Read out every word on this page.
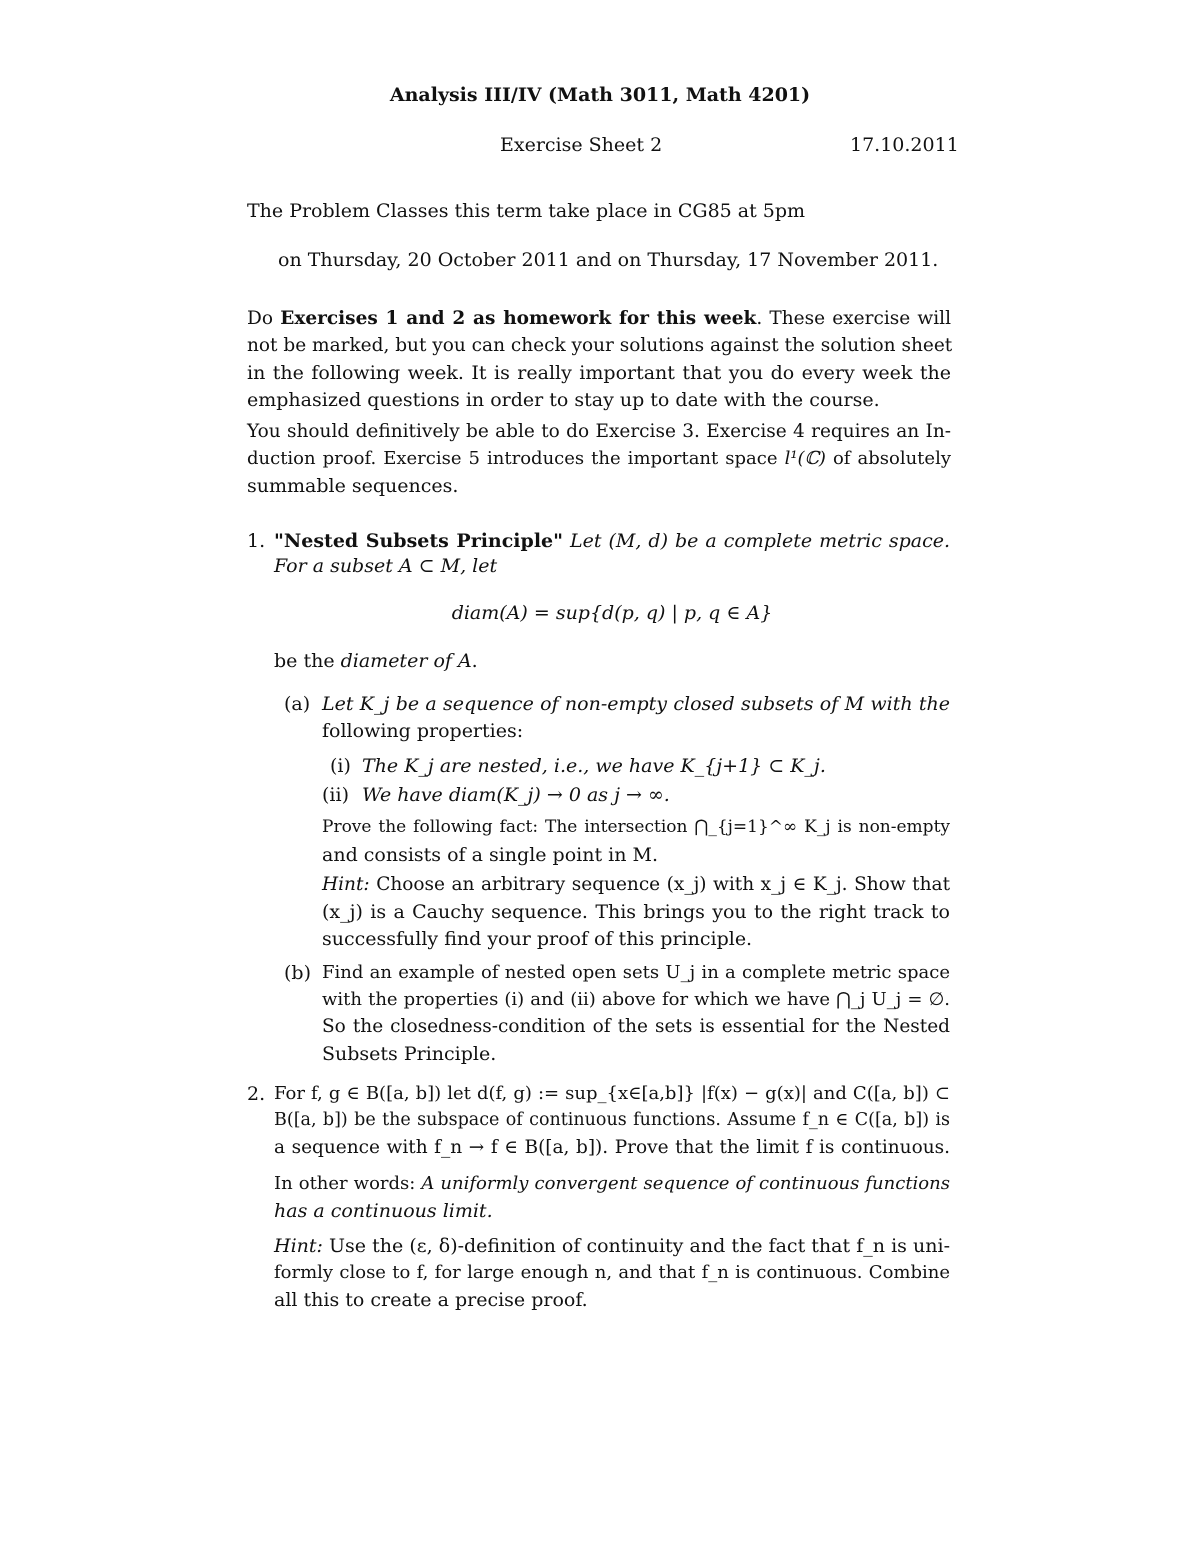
Analysis III/IV (Math 3011, Math 4201)
Exercise Sheet 2	17.10.2011
The Problem Classes this term take place in CG85 at 5pm
on Thursday, 20 October 2011 and on Thursday, 17 November 2011.
Do Exercises 1 and 2 as homework for this week. These exercise will
not be marked, but you can check your solutions against the solution sheet
in the following week. It is really important that you do every week the
emphasized questions in order to stay up to date with the course.
You should definitively be able to do Exercise 3. Exercise 4 requires an In-
duction proof. Exercise 5 introduces the important space l¹(ℂ) of absolutely
summable sequences.
1. "Nested Subsets Principle" Let (M, d) be a complete metric space.
For a subset A ⊂ M, let
diam(A) = sup{d(p, q) | p, q ∈ A}
be the diameter of A.
(a) Let K_j be a sequence of non-empty closed subsets of M with the
following properties:
(i) The K_j are nested, i.e., we have K_{j+1} ⊂ K_j.
(ii) We have diam(K_j) → 0 as j → ∞.
Prove the following fact: The intersection ⋂_{j=1}^∞ K_j is non-empty
and consists of a single point in M.
Hint: Choose an arbitrary sequence (x_j) with x_j ∈ K_j. Show that
(x_j) is a Cauchy sequence. This brings you to the right track to
successfully find your proof of this principle.
(b) Find an example of nested open sets U_j in a complete metric space
with the properties (i) and (ii) above for which we have ⋂_j U_j = ∅.
So the closedness-condition of the sets is essential for the Nested
Subsets Principle.
2. For f, g ∈ B([a, b]) let d(f, g) := sup_{x∈[a,b]} |f(x) − g(x)| and C([a, b]) ⊂
B([a, b]) be the subspace of continuous functions. Assume f_n ∈ C([a, b]) is
a sequence with f_n → f ∈ B([a, b]). Prove that the limit f is continuous.
In other words: A uniformly convergent sequence of continuous functions
has a continuous limit.
Hint: Use the (ε, δ)-definition of continuity and the fact that f_n is uni-
formly close to f, for large enough n, and that f_n is continuous. Combine
all this to create a precise proof.
